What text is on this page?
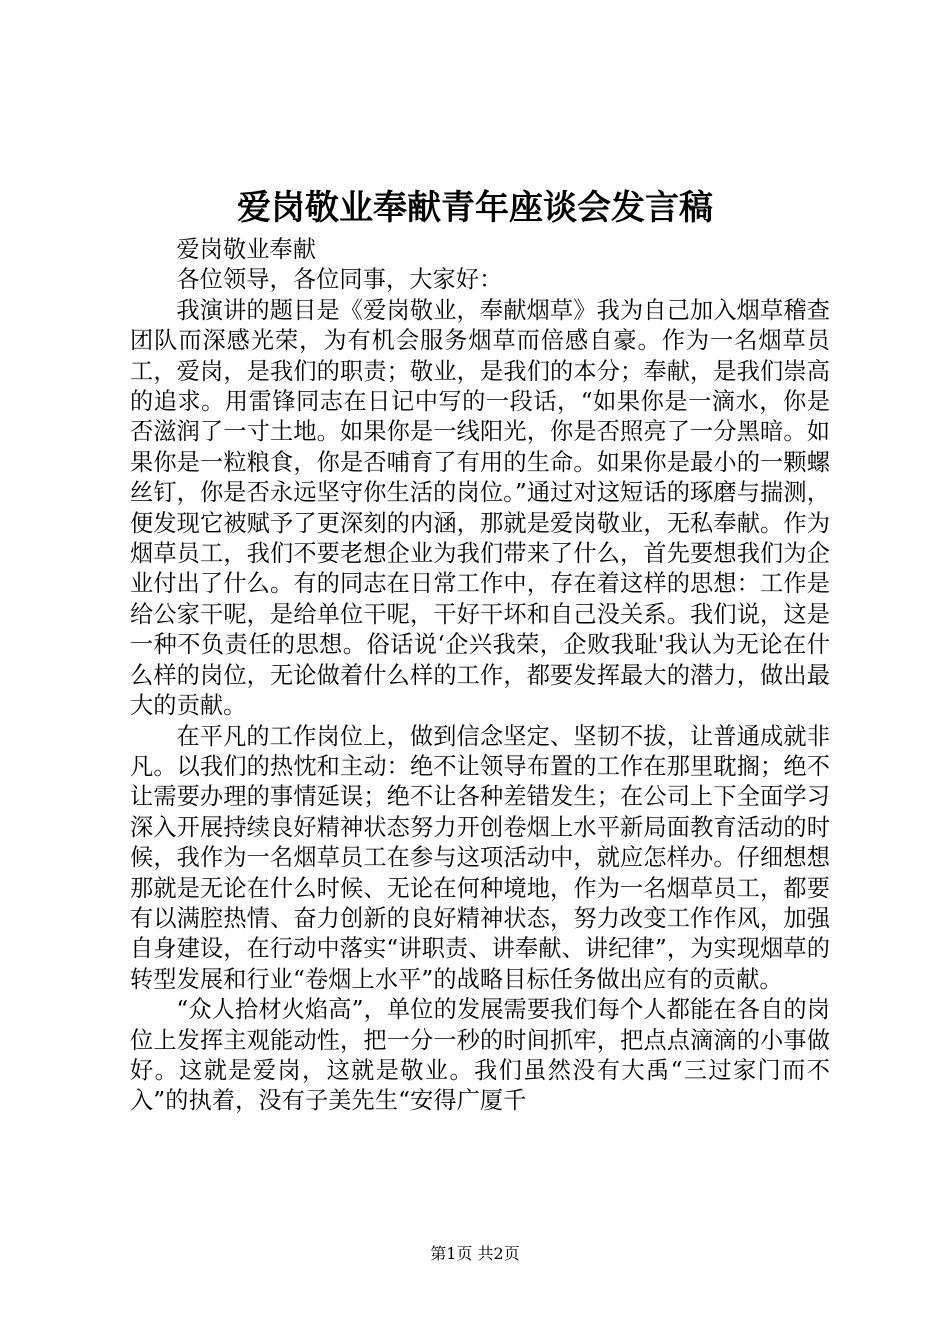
爱岗敬业奉献青年座谈会发言稿

爱岗敬业奉献

各位领导，各位同事，大家好：

我演讲的题目是《爱岗敬业，奉献烟草》我为自己加入烟草稽查团队而深感光荣，为有机会服务烟草而倍感自豪。作为一名烟草员工，爱岗，是我们的职责；敬业，是我们的本分；奉献，是我们崇高的追求。用雷锋同志在日记中写的一段话，“如果你是一滴水，你是否滋润了一寸土地。如果你是一线阳光，你是否照亮了一分黑暗。如果你是一粒粮食，你是否哺育了有用的生命。如果你是最小的一颗螺丝钉，你是否永远坚守你生活的岗位。”通过对这短话的琢磨与揣测，便发现它被赋予了更深刻的内涵，那就是爱岗敬业，无私奉献。作为烟草员工，我们不要老想企业为我们带来了什么，首先要想我们为企业付出了什么。有的同志在日常工作中，存在着这样的思想：工作是给公家干呢，是给单位干呢，干好干坏和自己没关系。我们说，这是一种不负责任的思想。俗话说‘企兴我荣，企败我耻'我认为无论在什么样的岗位，无论做着什么样的工作，都要发挥最大的潜力，做出最大的贡献。

在平凡的工作岗位上，做到信念坚定、坚韧不拔，让普通成就非凡。以我们的热忱和主动：绝不让领导布置的工作在那里耽搁；绝不让需要办理的事情延误；绝不让各种差错发生；在公司上下全面学习深入开展持续良好精神状态努力开创卷烟上水平新局面教育活动的时候，我作为一名烟草员工在参与这项活动中，就应怎样办。仔细想想那就是无论在什么时候、无论在何种境地，作为一名烟草员工，都要有以满腔热情、奋力创新的良好精神状态，努力改变工作作风，加强自身建设，在行动中落实“讲职责、讲奉献、讲纪律”，为实现烟草的转型发展和行业“卷烟上水平”的战略目标任务做出应有的贡献。

“众人拾材火焰高”，单位的发展需要我们每个人都能在各自的岗位上发挥主观能动性，把一分一秒的时间抓牢，把点点滴滴的小事做好。这就是爱岗，这就是敬业。我们虽然没有大禹“三过家门而不入”的执着，没有子美先生“安得广厦千

第1页 共2页
